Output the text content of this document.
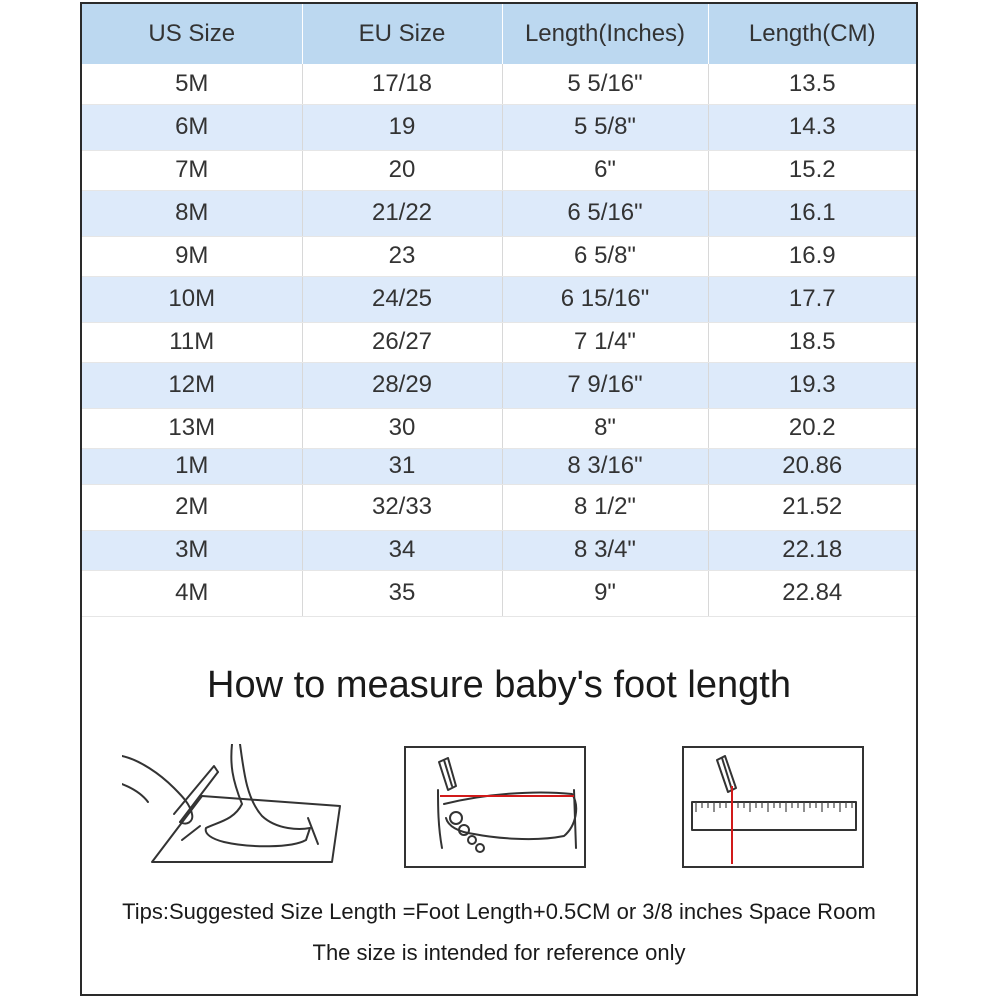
US Size	EU Size	Length(Inches)	Length(CM)
5M	17/18	5 5/16"	13.5
6M	19	5 5/8"	14.3
7M	20	6"	15.2
8M	21/22	6 5/16"	16.1
9M	23	6 5/8"	16.9
10M	24/25	6 15/16"	17.7
11M	26/27	7 1/4"	18.5
12M	28/29	7 9/16"	19.3
13M	30	8"	20.2
1M	31	8 3/16"	20.86
2M	32/33	8 1/2"	21.52
3M	34	8 3/4"	22.18
4M	35	9"	22.84
How to measure baby's foot length
Tips:Suggested Size Length =Foot Length+0.5CM or 3/8 inches Space Room
The size is intended for reference only
